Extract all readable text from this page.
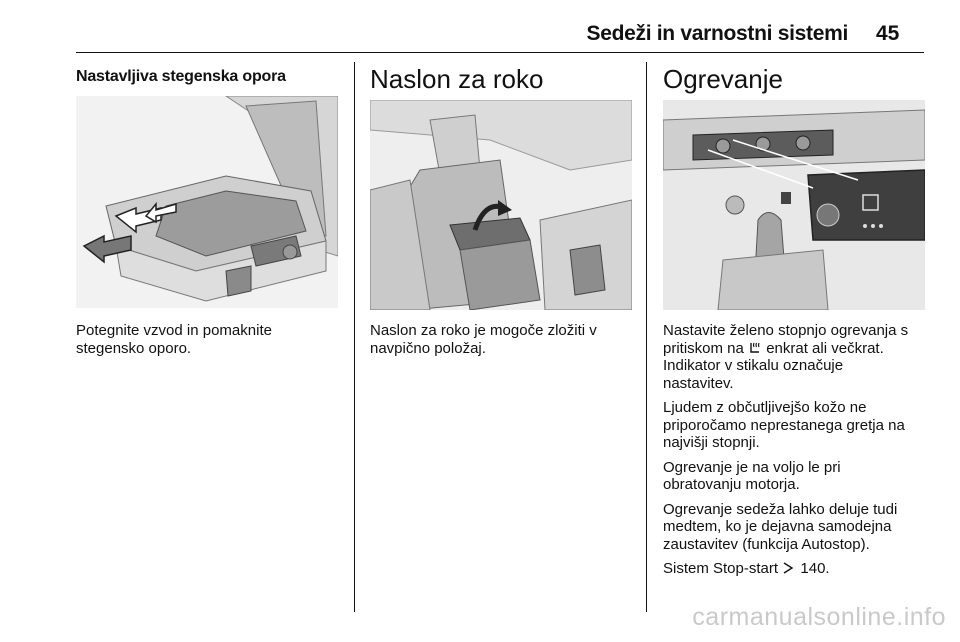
Sedeži in varnostni sistemi 45
Nastavljiva stegenska opora
Potegnite vzvod in pomaknite
stegensko oporo.
Naslon za roko
Naslon za roko je mogoče zložiti v
navpično položaj.
Ogrevanje

Nastavite želeno stopnjo ogrevanja s
pritiskom na enkrat ali večkrat.
Indikator v stikalu označuje
nastavitev.

Ljudem z občutljivejšo kožo ne
priporočamo neprestanega gretja na
najvišji stopnji.

Ogrevanje je na voljo le pri
obratovanju motorja.

Ogrevanje sedeža lahko deluje tudi
medtem, ko je dejavna samodejna
zaustavitev (funkcija Autostop).

Sistem Stop-start 140.

carmanualsonline.info
